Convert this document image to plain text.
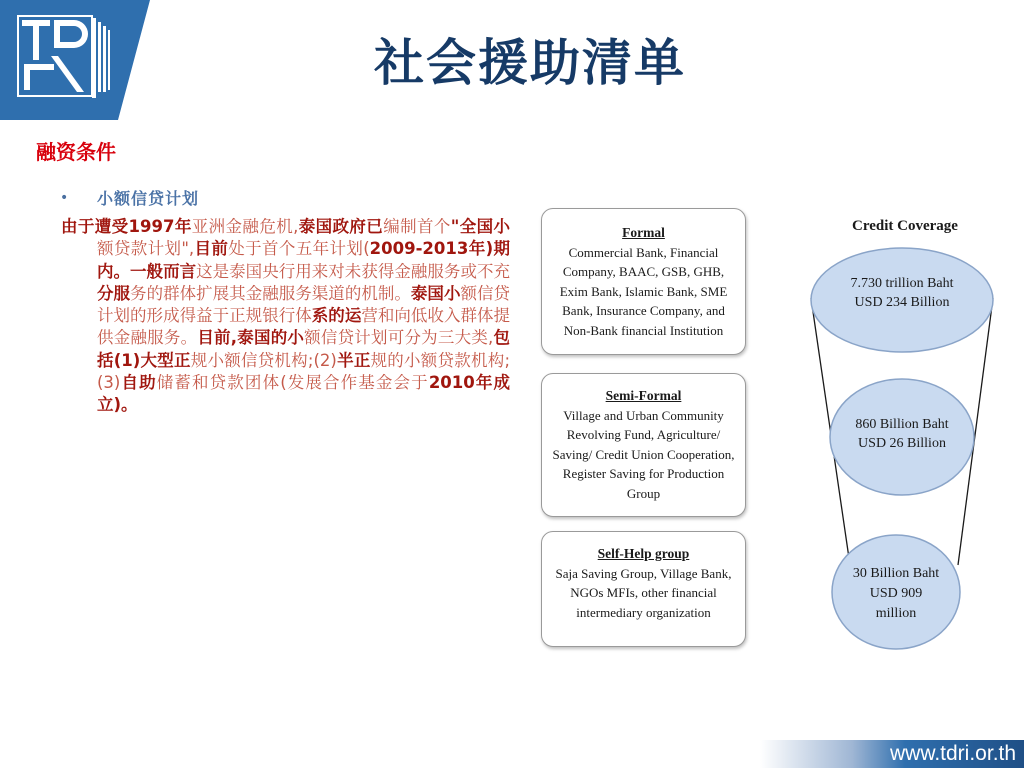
社会援助清单
融资条件
• 小额信贷计划

由于遭受1997年亚洲金融危机,泰国政府已编制首个"全国小额贷款计划",目前处于首个五年计划(2009-2013年)期内。一般而言这是泰国央行用来对未获得金融服务或不充分服务的群体扩展其金融服务渠道的机制。泰国小额信贷计划的形成得益于正规银行体系的运营和向低收入群体提供金融服务。目前,泰国的小额信贷计划可分为三大类,包括(1)大型正规小额信贷机构;(2)半正规的小额贷款机构;(3)自助储蓄和贷款团体(发展合作基金会于2010年成立)。

Formal
Commercial Bank, Financial
Company, BAAC, GSB, GHB,
Exim Bank, Islamic Bank, SME
Bank, Insurance Company, and
Non-Bank financial Institution
Semi-Formal
Village and Urban Community
Revolving Fund, Agriculture/
Saving/ Credit Union Cooperation,
Register Saving for Production
Group
Self-Help group
Saja Saving Group, Village Bank,
NGOs MFIs, other financial
intermediary organization
Credit Coverage
7.730 trillion Baht
USD 234 Billion
860 Billion Baht
USD 26 Billion
30 Billion Baht
USD 909
million
www.tdri.or.th
